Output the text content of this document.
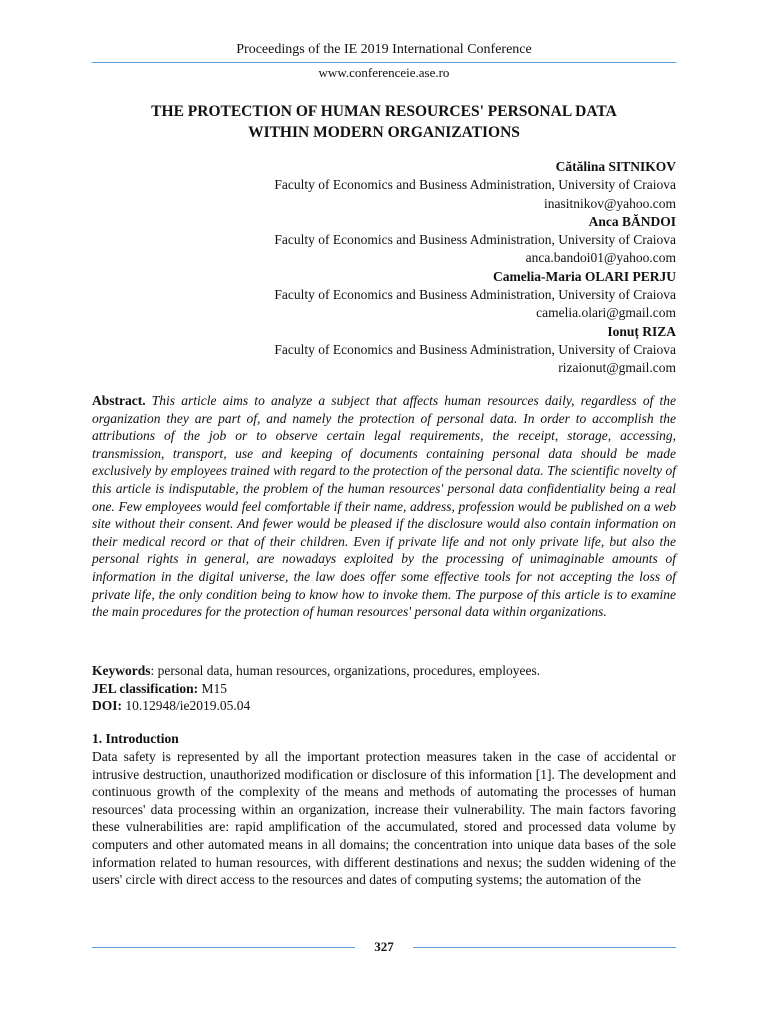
Proceedings of the IE 2019 International Conference
www.conferenceie.ase.ro
THE PROTECTION OF HUMAN RESOURCES' PERSONAL DATA
WITHIN MODERN ORGANIZATIONS
Cătălina SITNIKOV
Faculty of Economics and Business Administration, University of Craiova
inasitnikov@yahoo.com
Anca BĂNDOI
Faculty of Economics and Business Administration, University of Craiova
anca.bandoi01@yahoo.com
Camelia-Maria OLARI PERJU
Faculty of Economics and Business Administration, University of Craiova
camelia.olari@gmail.com
Ionuț RIZA
Faculty of Economics and Business Administration, University of Craiova
rizaionut@gmail.com
Abstract. This article aims to analyze a subject that affects human resources daily, regardless of the organization they are part of, and namely the protection of personal data. In order to accomplish the attributions of the job or to observe certain legal requirements, the receipt, storage, accessing, transmission, transport, use and keeping of documents containing personal data should be made exclusively by employees trained with regard to the protection of the personal data. The scientific novelty of this article is indisputable, the problem of the human resources' personal data confidentiality being a real one. Few employees would feel comfortable if their name, address, profession would be published on a web site without their consent. And fewer would be pleased if the disclosure would also contain information on their medical record or that of their children. Even if private life and not only private life, but also the personal rights in general, are nowadays exploited by the processing of unimaginable amounts of information in the digital universe, the law does offer some effective tools for not accepting the loss of private life, the only condition being to know how to invoke them. The purpose of this article is to examine the main procedures for the protection of human resources' personal data within organizations.
Keywords: personal data, human resources, organizations, procedures, employees.
JEL classification: M15
DOI: 10.12948/ie2019.05.04
1. Introduction
Data safety is represented by all the important protection measures taken in the case of accidental or intrusive destruction, unauthorized modification or disclosure of this information [1]. The development and continuous growth of the complexity of the means and methods of automating the processes of human resources' data processing within an organization, increase their vulnerability. The main factors favoring these vulnerabilities are: rapid amplification of the accumulated, stored and processed data volume by computers and other automated means in all domains; the concentration into unique data bases of the sole information related to human resources, with different destinations and nexus; the sudden widening of the users' circle with direct access to the resources and dates of computing systems; the automation of the
327
